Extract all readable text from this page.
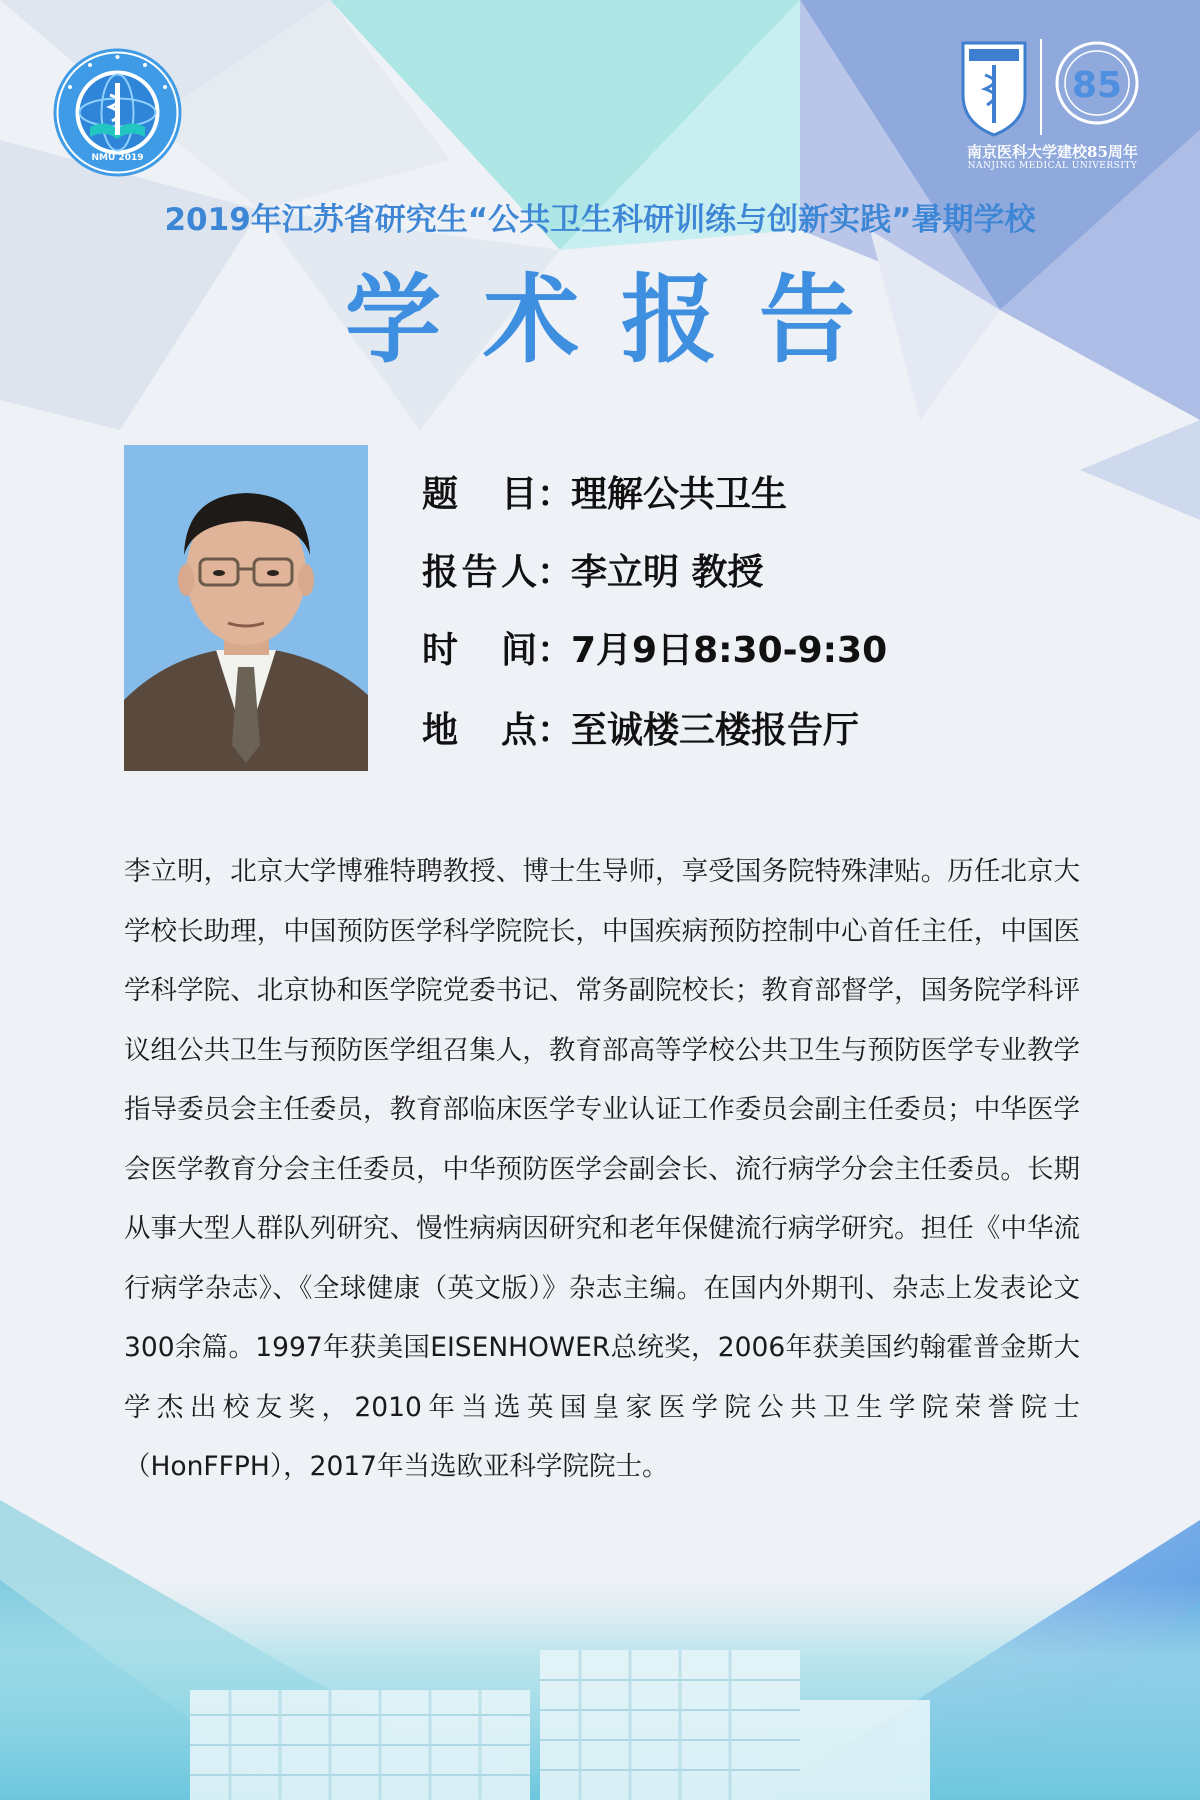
NMU 2019
85
南京医科大学建校85周年
NANJING MEDICAL UNIVERSITY
2019年江苏省研究生“公共卫生科研训练与创新实践”暑期学校
学术报告
题目 ：
理解公共卫生
报告人 ：
李立明 教授
时间 ：
7月9日8:30-9:30
地点 ：
至诚楼三楼报告厅

李立明，北京大学博雅特聘教授、博士生导师，享受国务院特殊津贴。历任北京大学校长助理，中国预防医学科学院院长，中国疾病预防控制中心首任主任，中国医学科学院、北京协和医学院党委书记、常务副院校长；教育部督学，国务院学科评议组公共卫生与预防医学组召集人，教育部高等学校公共卫生与预防医学专业教学指导委员会主任委员，教育部临床医学专业认证工作委员会副主任委员；中华医学会医学教育分会主任委员，中华预防医学会副会长、流行病学分会主任委员。长期从事大型人群队列研究、慢性病病因研究和老年保健流行病学研究。担任《中华流行病学杂志》、《全球健康（英文版）》杂志主编。在国内外期刊、杂志上发表论文300余篇。1997年获美国EISENHOWER总统奖，2006年获美国约翰霍普金斯大学杰出校友奖，2010年当选英国皇家医学院公共卫生学院荣誉院士（HonFFPH），2017年当选欧亚科学院院士。
